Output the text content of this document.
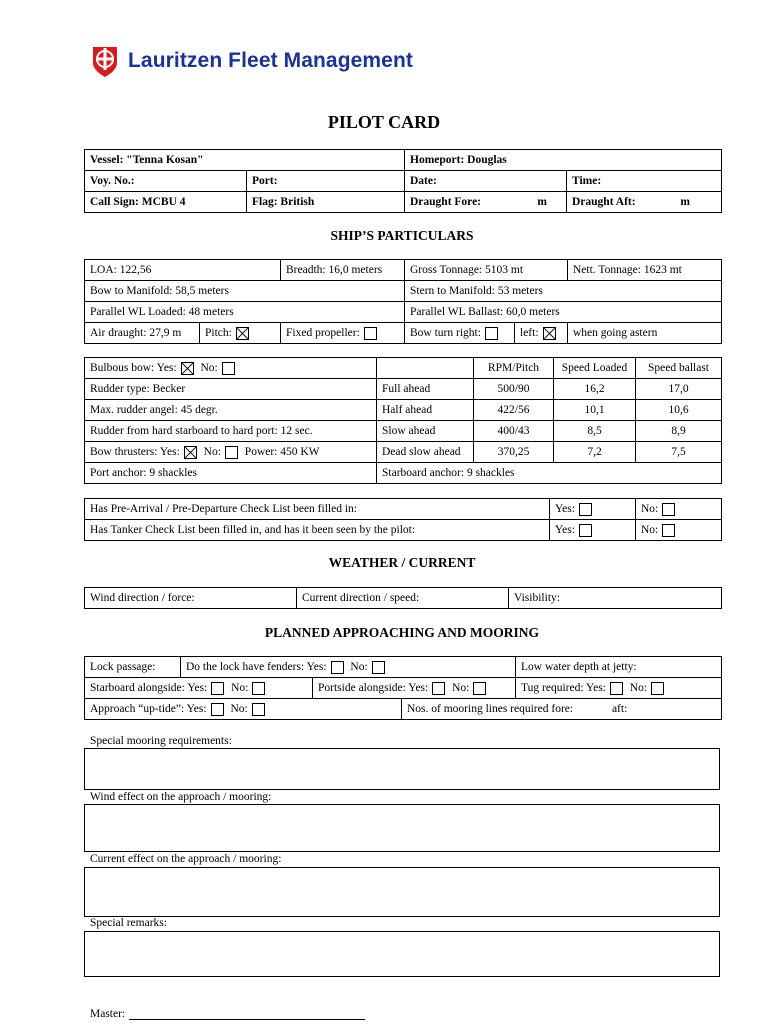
Lauritzen Fleet Management
PILOT CARD
Vessel: "Tenna Kosan"		Homeport: Douglas	
Voy. No.:	Port:	Date:	Time:
Call Sign: MCBU 4	Flag: British	Draught Fore: m	Draught Aft: m
SHIP’S PARTICULARS
LOA: 122,56		Breadth: 16,0 meters	Gross Tonnage: 5103 mt		Nett. Tonnage: 1623 mt
Bow to Manifold: 58,5 meters			Stern to Manifold: 53 meters		
Parallel WL Loaded: 48 meters			Parallel WL Ballast: 60,0 meters		
Air draught: 27,9 m	Pitch:	Fixed propeller:	Bow turn right:	left:	when going astern
Bulbous bow: Yes: No:		RPM/Pitch	Speed Loaded	Speed ballast
Rudder type: Becker	Full ahead	500/90	16,2	17,0
Max. rudder angel: 45 degr.	Half ahead	422/56	10,1	10,6
Rudder from hard starboard to hard port: 12 sec.	Slow ahead	400/43	8,5	8,9
Bow thrusters: Yes: No: Power: 450 KW	Dead slow ahead	370,25	7,2	7,5
Port anchor: 9 shackles	Starboard anchor: 9 shackles			
Has Pre-Arrival / Pre-Departure Check List been filled in:	Yes:	No:
Has Tanker Check List been filled in, and has it been seen by the pilot:	Yes:	No:
WEATHER / CURRENT
Wind direction / force:	Current direction / speed:	Visibility:
PLANNED APPROACHING AND MOORING
Lock passage:	Do the lock have fenders: Yes: No:			Low water depth at jetty:
Starboard alongside: Yes: No:		Portside alongside: Yes: No:		Tug required: Yes: No:
Approach “up-tide”: Yes: No:			Nos. of mooring lines required fore: aft:	
Special mooring requirements:
Wind effect on the approach / mooring:
Current effect on the approach / mooring:
Special remarks:
Master:
